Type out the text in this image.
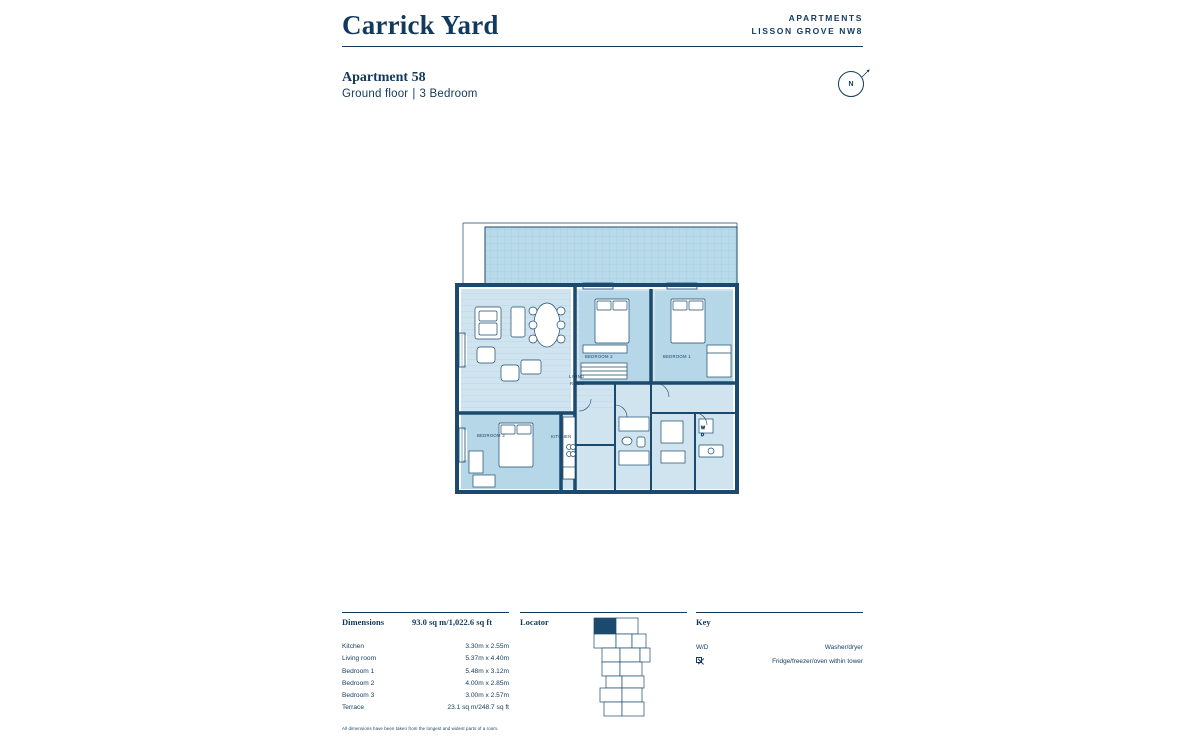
Carrick Yard	APARTMENTS
LISSON GROVE NW8
Apartment 58
Ground floor | 3 Bedroom
N
W
D
LIVING
ROOM
BEDROOM 2	BEDROOM 1
BEDROOM 3	KITCHEN
Dimensions	93.0 sq m/1,022.6 sq ft	Locator	Key
Kitchen	3.30m x 2.55m
Living room	5.37m x 4.40m
Bedroom 1	5.48m x 3.12m
Bedroom 2	4.00m x 2.85m
Bedroom 3	3.00m x 2.57m
Terrace	23.1 sq m/248.7 sq ft
All dimensions have been taken from the longest and widest parts of a room.
W/D	Washer/dryer
Fridge/freezer/oven within tower
